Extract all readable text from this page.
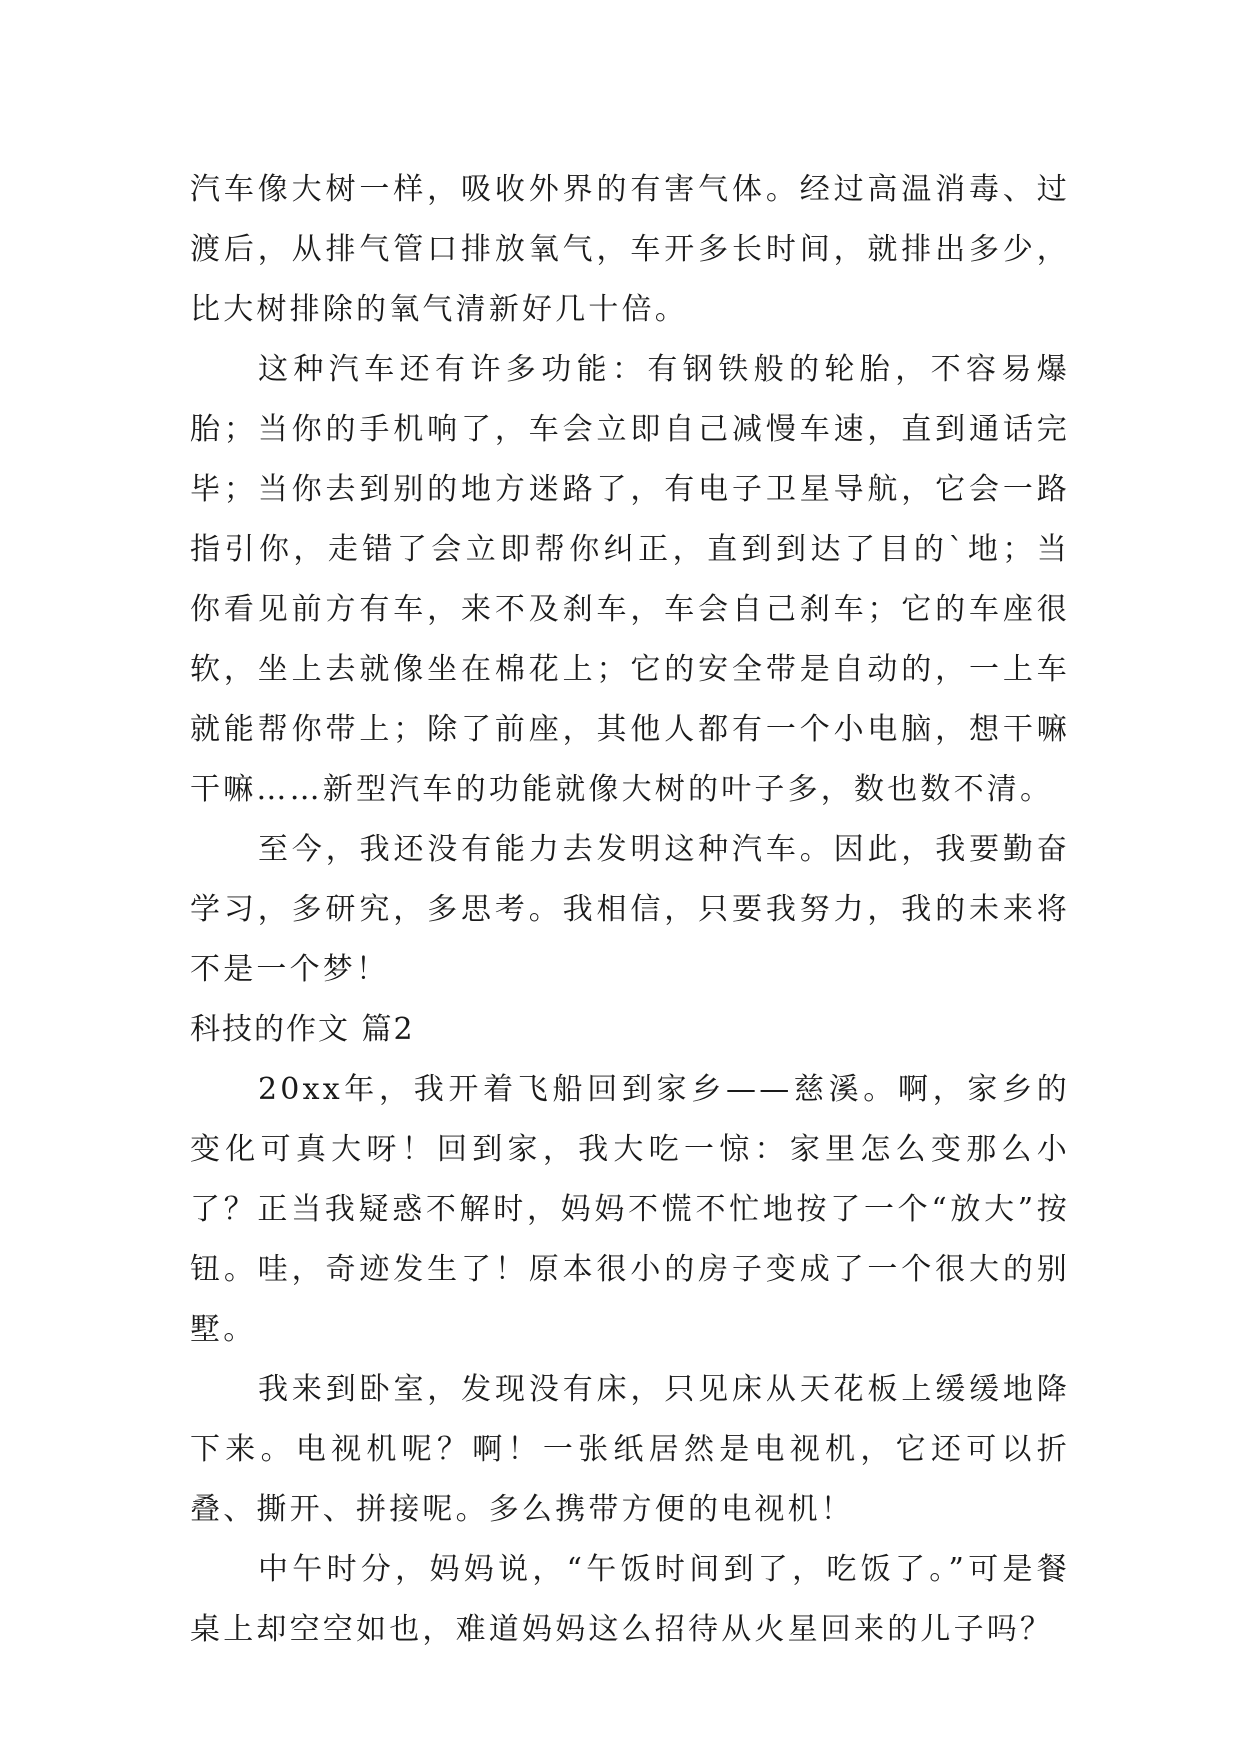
汽车像大树一样，吸收外界的有害气体。经过高温消毒、过渡后，从排气管口排放氧气，车开多长时间，就排出多少，比大树排除的氧气清新好几十倍。

这种汽车还有许多功能：有钢铁般的轮胎，不容易爆胎；当你的手机响了，车会立即自己减慢车速，直到通话完毕；当你去到别的地方迷路了，有电子卫星导航，它会一路指引你，走错了会立即帮你纠正，直到到达了目的`地；当你看见前方有车，来不及刹车，车会自己刹车；它的车座很软，坐上去就像坐在棉花上；它的安全带是自动的，一上车就能帮你带上；除了前座，其他人都有一个小电脑，想干嘛干嘛……新型汽车的功能就像大树的叶子多，数也数不清。

至今，我还没有能力去发明这种汽车。因此，我要勤奋学习，多研究，多思考。我相信，只要我努力，我的未来将不是一个梦！

科技的作文 篇2

20xx年，我开着飞船回到家乡——慈溪。啊，家乡的变化可真大呀！回到家，我大吃一惊：家里怎么变那么小了？正当我疑惑不解时，妈妈不慌不忙地按了一个“放大”按钮。哇，奇迹发生了！原本很小的房子变成了一个很大的别墅。

我来到卧室，发现没有床，只见床从天花板上缓缓地降下来。电视机呢？啊！一张纸居然是电视机，它还可以折叠、撕开、拼接呢。多么携带方便的电视机！

中午时分，妈妈说，“午饭时间到了，吃饭了。”可是餐桌上却空空如也，难道妈妈这么招待从火星回来的儿子吗？
